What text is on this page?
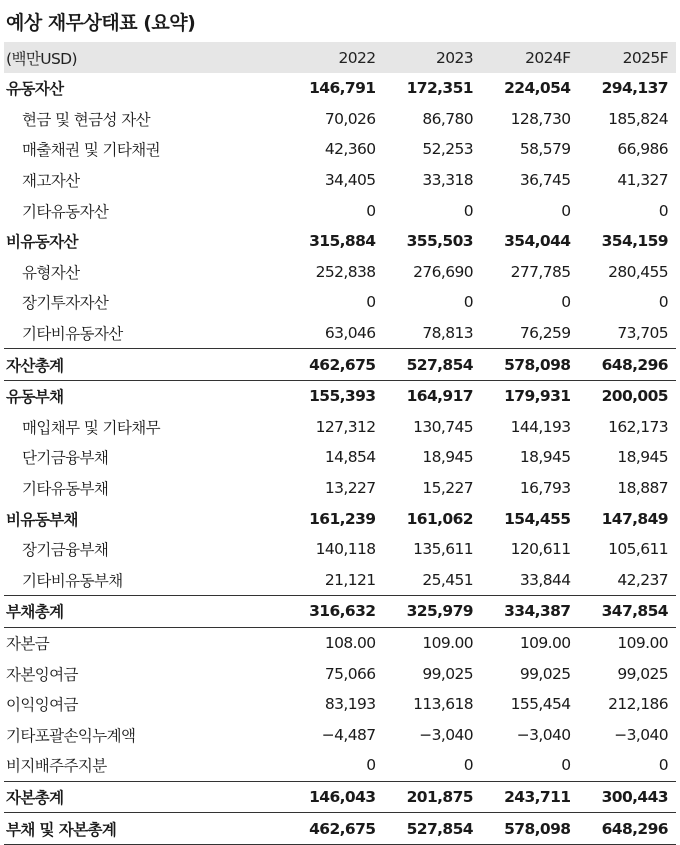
예상 재무상태표 (요약)
(백만USD)	2022	2023	2024F	2025F
유동자산	146,791	172,351	224,054	294,137
현금 및 현금성 자산	70,026	86,780	128,730	185,824
매출채권 및 기타채권	42,360	52,253	58,579	66,986
재고자산	34,405	33,318	36,745	41,327
기타유동자산	0	0	0	0
비유동자산	315,884	355,503	354,044	354,159
유형자산	252,838	276,690	277,785	280,455
장기투자자산	0	0	0	0
기타비유동자산	63,046	78,813	76,259	73,705
자산총계	462,675	527,854	578,098	648,296
유동부채	155,393	164,917	179,931	200,005
매입채무 및 기타채무	127,312	130,745	144,193	162,173
단기금융부채	14,854	18,945	18,945	18,945
기타유동부채	13,227	15,227	16,793	18,887
비유동부채	161,239	161,062	154,455	147,849
장기금융부채	140,118	135,611	120,611	105,611
기타비유동부채	21,121	25,451	33,844	42,237
부채총계	316,632	325,979	334,387	347,854
자본금	108.00	109.00	109.00	109.00
자본잉여금	75,066	99,025	99,025	99,025
이익잉여금	83,193	113,618	155,454	212,186
기타포괄손익누계액	−4,487	−3,040	−3,040	−3,040
비지배주주지분	0	0	0	0
자본총계	146,043	201,875	243,711	300,443
부채 및 자본총계	462,675	527,854	578,098	648,296
